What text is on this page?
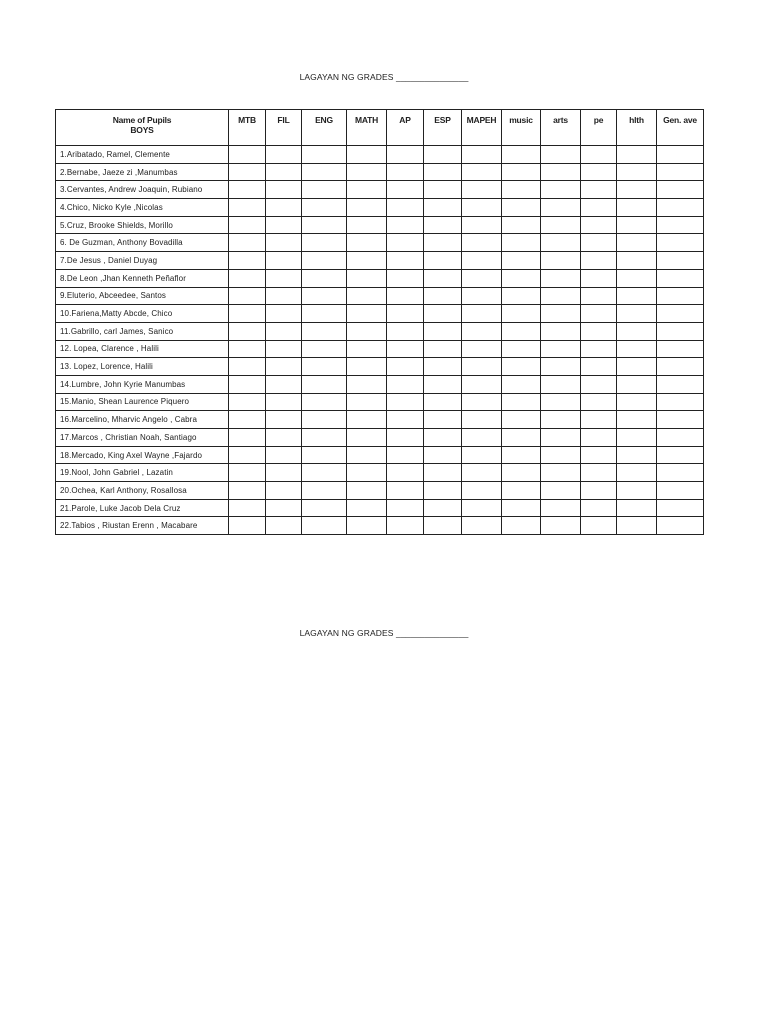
LAGAYAN NG GRADES _______________
Name of Pupils
BOYS	MTB	FIL	ENG	MATH	AP	ESP	MAPEH	music	arts	pe	hlth	Gen. ave
1.Aribatado, Ramel, Clemente												
2.Bernabe, Jaeze zi ,Manumbas												
3.Cervantes, Andrew Joaquin, Rubiano												
4.Chico, Nicko Kyle ,Nicolas												
5.Cruz, Brooke Shields, Morillo												
6. De Guzman, Anthony Bovadilla												
7.De Jesus , Daniel Duyag												
8.De Leon ,Jhan Kenneth Peñaflor												
9.Eluterio, Abceedee, Santos												
10.Fariena,Matty Abcde, Chico												
11.Gabrillo, carl James, Sanico												
12. Lopea, Clarence , Halili												
13. Lopez, Lorence, Halili												
14.Lumbre, John Kyrie Manumbas												
15.Manio, Shean Laurence Piquero												
16.Marcelino, Mharvic Angelo , Cabra												
17.Marcos , Christian Noah, Santiago												
18.Mercado, King Axel Wayne ,Fajardo												
19.Nool, John Gabriel , Lazatin												
20.Ochea, Karl Anthony, Rosallosa												
21.Parole, Luke Jacob Dela Cruz												
22.Tabios , Riustan Erenn , Macabare												
LAGAYAN NG GRADES _______________
